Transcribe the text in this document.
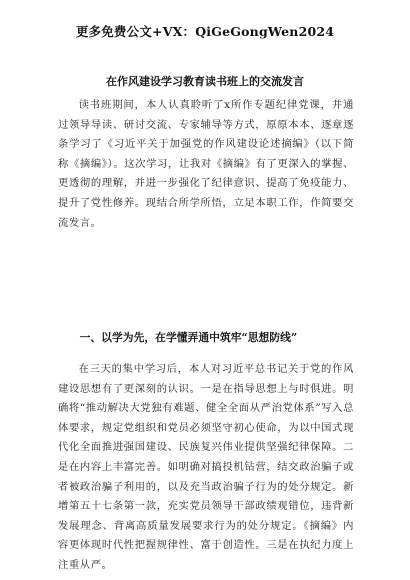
更多免费公文+VX：QiGeGongWen2024
在作风建设学习教育读书班上的交流发言

读书班期间，本人认真聆听了x所作专题纪律党课，并通过领导导读、研讨交流、专家辅导等方式，原原本本、逐章逐条学习了《习近平关于加强党的作风建设论述摘编》（以下简称《摘编》）。这次学习，让我对《摘编》有了更深入的掌握、更透彻的理解，并进一步强化了纪律意识、提高了免疫能力、提升了党性修养。现结合所学所悟，立足本职工作，作简要交流发言。

一、以学为先，在学懂弄通中筑牢“思想防线”

在三天的集中学习后，本人对习近平总书记关于党的作风建设思想有了更深刻的认识。一是在指导思想上与时俱进。明确将“推动解决大党独有难题、健全全面从严治党体系”写入总体要求，规定党组织和党员必须坚守初心使命，为以中国式现代化全面推进强国建设、民族复兴伟业提供坚强纪律保障。二是在内容上丰富完善。如明确对搞投机钻营，结交政治骗子或者被政治骗子利用的，以及充当政治骗子行为的处分规定。新增第五十七条第一款，充实党员领导干部政绩观错位，违背新发展理念、背离高质量发展要求行为的处分规定。《摘编》内容更体现时代性把握规律性、富于创造性。三是在执纪力度上注重从严。
